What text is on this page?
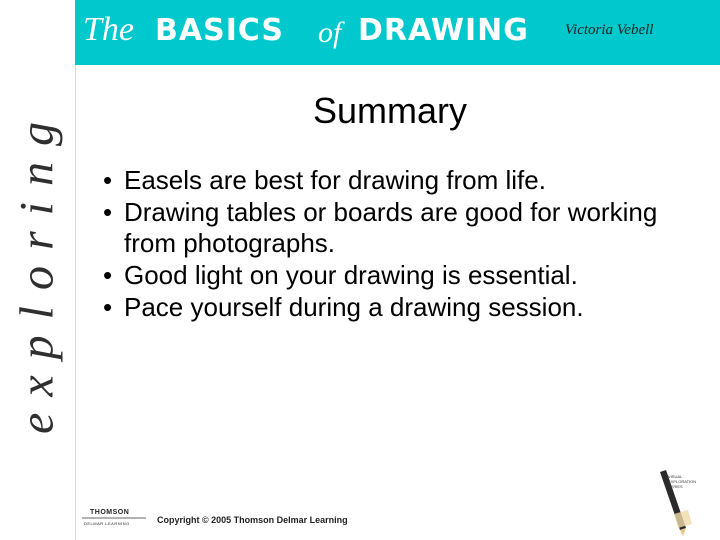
exploring
The BASICS of DRAWING Victoria Vebell
Summary
• Easels are best for drawing from life.
• Drawing tables or boards are good for working from photographs.
• Good light on your drawing is essential.
• Pace yourself during a drawing session.
THOMSON
DELMAR LEARNING	Copyright © 2005 Thomson Delmar Learning
VISUAL
EXPLORATION
SERIES
